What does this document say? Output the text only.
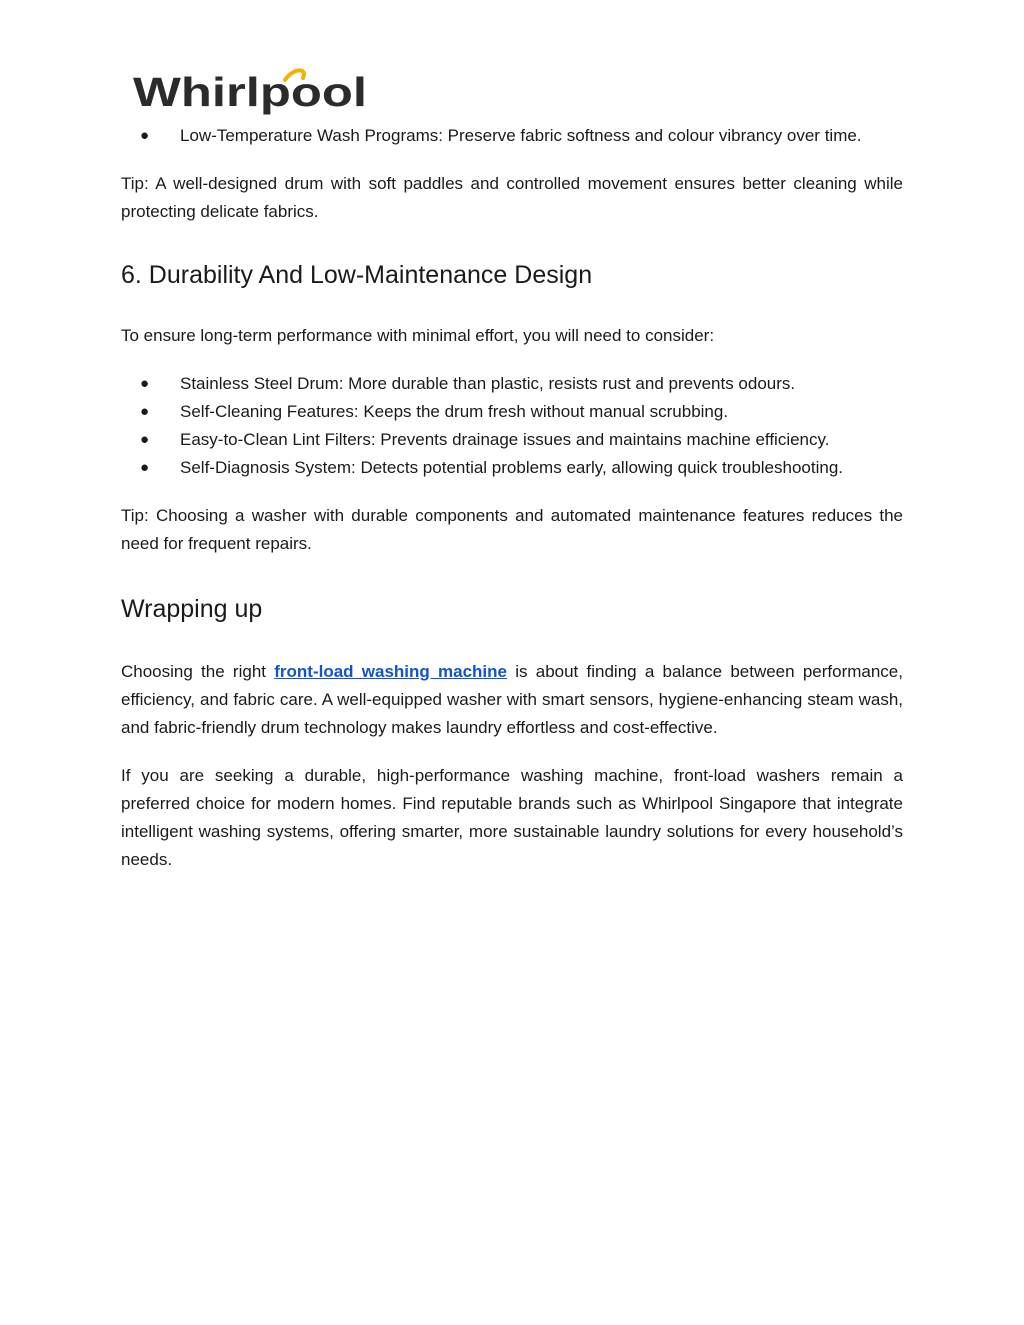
Whirlpool
● Low-Temperature Wash Programs: Preserve fabric softness and colour vibrancy over time.

Tip: A well-designed drum with soft paddles and controlled movement ensures better cleaning while protecting delicate fabrics.

6. Durability And Low-Maintenance Design

To ensure long-term performance with minimal effort, you will need to consider:

● Stainless Steel Drum: More durable than plastic, resists rust and prevents odours.
● Self-Cleaning Features: Keeps the drum fresh without manual scrubbing.
● Easy-to-Clean Lint Filters: Prevents drainage issues and maintains machine efficiency.
● Self-Diagnosis System: Detects potential problems early, allowing quick troubleshooting.

Tip: Choosing a washer with durable components and automated maintenance features reduces the need for frequent repairs.

Wrapping up

Choosing the right front-load washing machine is about finding a balance between performance, efficiency, and fabric care. A well-equipped washer with smart sensors, hygiene-enhancing steam wash, and fabric-friendly drum technology makes laundry effortless and cost-effective.

If you are seeking a durable, high-performance washing machine, front-load washers remain a preferred choice for modern homes. Find reputable brands such as Whirlpool Singapore that integrate intelligent washing systems, offering smarter, more sustainable laundry solutions for every household’s needs.
